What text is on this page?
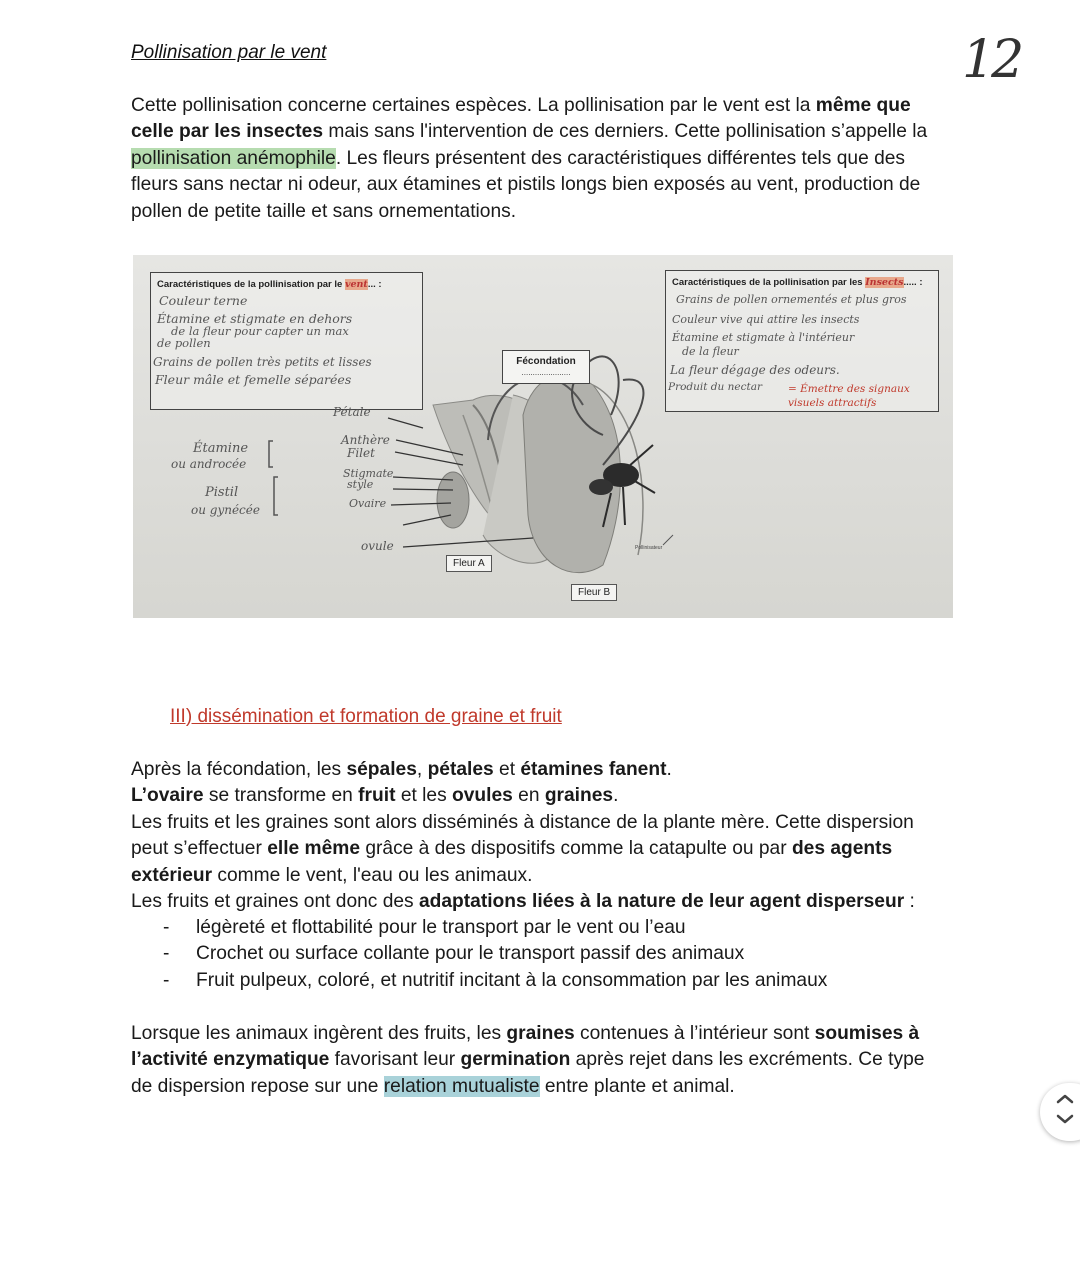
12
Pollinisation par le vent

Cette pollinisation concerne certaines espèces. La pollinisation par le vent est la même que celle par les insectes mais sans l'intervention de ces derniers. Cette pollinisation s’appelle la pollinisation anémophile. Les fleurs présentent des caractéristiques différentes tels que des fleurs sans nectar ni odeur, aux étamines et pistils longs bien exposés au vent, production de pollen de petite taille et sans ornementations.

Caractéristiques de la pollinisation par le vent... :
Couleur terne
Étamine et stigmate en dehors
de la fleur pour capter un max
de pollen
Grains de pollen très petits et lisses
Fleur mâle et femelle séparées
Caractéristiques de la pollinisation par les Insects..... :
Grains de pollen ornementés et plus gros
Couleur vive qui attire les insects
Étamine et stigmate à l'intérieur
de la fleur
La fleur dégage des odeurs.
Produit du nectar = Émettre des signaux
visuels attractifs
Fécondation
......................
Pétale
Anthère
Filet
Stigmate
style
Ovaire
ovule
Étamine
ou androcée
Pistil
ou gynécée
Pollinisateur
Fleur A
Fleur B
III) dissémination et formation de graine et fruit

Après la fécondation, les sépales, pétales et étamines fanent.
L’ovaire se transforme en fruit et les ovules en graines.
Les fruits et les graines sont alors disséminés à distance de la plante mère. Cette dispersion peut s’effectuer elle même grâce à des dispositifs comme la catapulte ou par des agents extérieur comme le vent, l'eau ou les animaux.
Les fruits et graines ont donc des adaptations liées à la nature de leur agent disperseur :

- légèreté et flottabilité pour le transport par le vent ou l’eau
- Crochet ou surface collante pour le transport passif des animaux
- Fruit pulpeux, coloré, et nutritif incitant à la consommation par les animaux

Lorsque les animaux ingèrent des fruits, les graines contenues à l’intérieur sont soumises à l’activité enzymatique favorisant leur germination après rejet dans les excréments. Ce type de dispersion repose sur une relation mutualiste entre plante et animal.
